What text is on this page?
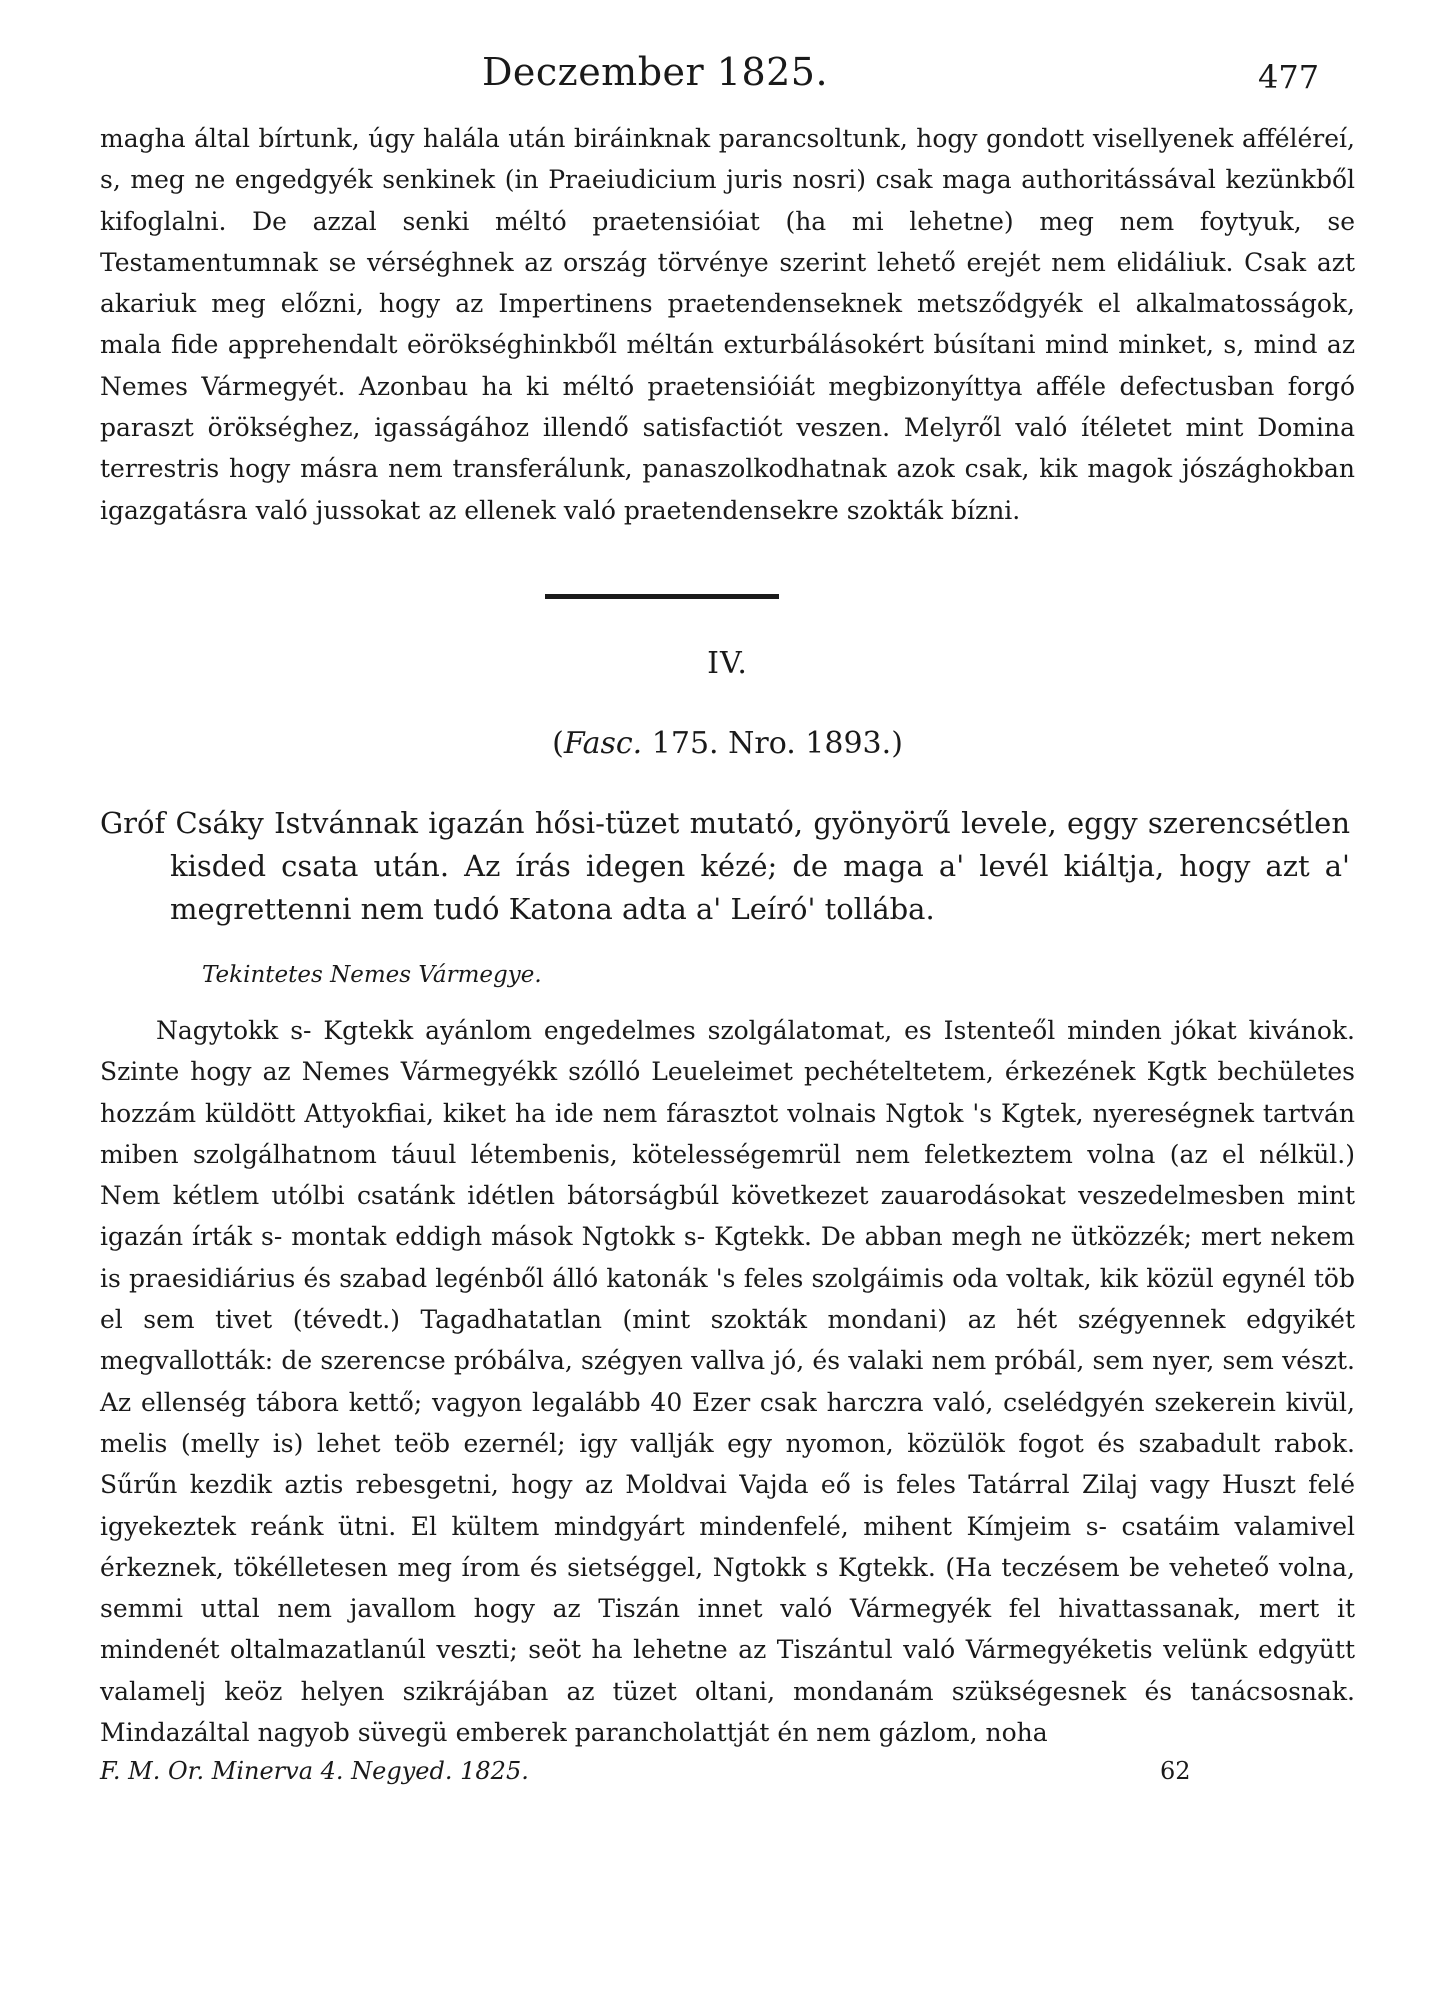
Deczember 1825.	477

magha által bírtunk, úgy halála után biráinknak parancsoltunk, hogy gondott visellyenek afféléreí, s, meg ne engedgyék senkinek (in Praeiudicium juris nosri) csak maga authoritássával kezünkből kifoglalni. De azzal senki méltó praetensióiat (ha mi lehetne) meg nem foytyuk, se Testamentumnak se vérséghnek az ország törvénye szerint lehető erejét nem elidáliuk. Csak azt akariuk meg előzni, hogy az Impertinens praetendenseknek metsződgyék el alkalmatosságok, mala fide apprehendalt eörökséghinkből méltán exturbálásokért búsítani mind minket, s, mind az Nemes Vármegyét. Azonbau ha ki méltó praetensióiát megbizonyíttya afféle defectusban forgó paraszt örökséghez, igasságához illendő satisfactiót veszen. Melyről való ítéletet mint Domina terrestris hogy másra nem transferálunk, panaszolkodhatnak azok csak, kik magok jószághokban igazgatásra való jussokat az ellenek való praetendensekre szokták bízni.

IV.
(Fasc. 175. Nro. 1893.)
Gróf Csáky Istvánnak igazán hősi-tüzet mutató, gyönyörű levele, eggy szerencsétlen kisded csata után. Az írás idegen kézé; de maga a' levél kiáltja, hogy azt a' megrettenni nem tudó Katona adta a' Leíró' tollába.
Tekintetes Nemes Vármegye.

Nagytokk s- Kgtekk ayánlom engedelmes szolgálatomat, es Istenteől minden jókat kivánok. Szinte hogy az Nemes Vármegyékk szólló Leueleimet pechételtetem, érkezének Kgtk bechületes hozzám küldött Attyokfiai, kiket ha ide nem fárasztot volnais Ngtok 's Kgtek, nyereségnek tartván miben szolgálhatnom táuul létembenis, kötelességemrül nem feletkeztem volna (az el nélkül.) Nem kétlem utólbi csatánk idétlen bátorságbúl következet zauarodásokat veszedelmesben mint igazán írták s- montak eddigh mások Ngtokk s- Kgtekk. De abban megh ne ütközzék; mert nekem is praesidiárius és szabad legénből álló katonák 's feles szolgáimis oda voltak, kik közül egynél töb el sem tivet (tévedt.) Tagadhatatlan (mint szokták mondani) az hét szégyennek edgyikét megvallották: de szerencse próbálva, szégyen vallva jó, és valaki nem próbál, sem nyer, sem vészt. Az ellenség tábora kettő; vagyon legalább 40 Ezer csak harczra való, cselédgyén szekerein kivül, melis (melly is) lehet teöb ezernél; igy vallják egy nyomon, közülök fogot és szabadult rabok. Sűrűn kezdik aztis rebesgetni, hogy az Moldvai Vajda eő is feles Tatárral Zilaj vagy Huszt felé igyekeztek reánk ütni. El kültem mindgyárt mindenfelé, mihent Kímjeim s- csatáim valamivel érkeznek, tökélletesen meg írom és sietséggel, Ngtokk s Kgtekk. (Ha teczésem be veheteő volna, semmi uttal nem javallom hogy az Tiszán innet való Vármegyék fel hivattassanak, mert it mindenét oltalmazatlanúl veszti; seöt ha lehetne az Tiszántul való Vármegyéketis velünk edgyütt valamelj keöz helyen szikrájában az tüzet oltani, mondanám szükségesnek és tanácsosnak. Mindazáltal nagyob süvegü emberek parancholattját én nem gázlom, noha

F. M. Or. Minerva 4. Negyed. 1825.	62
